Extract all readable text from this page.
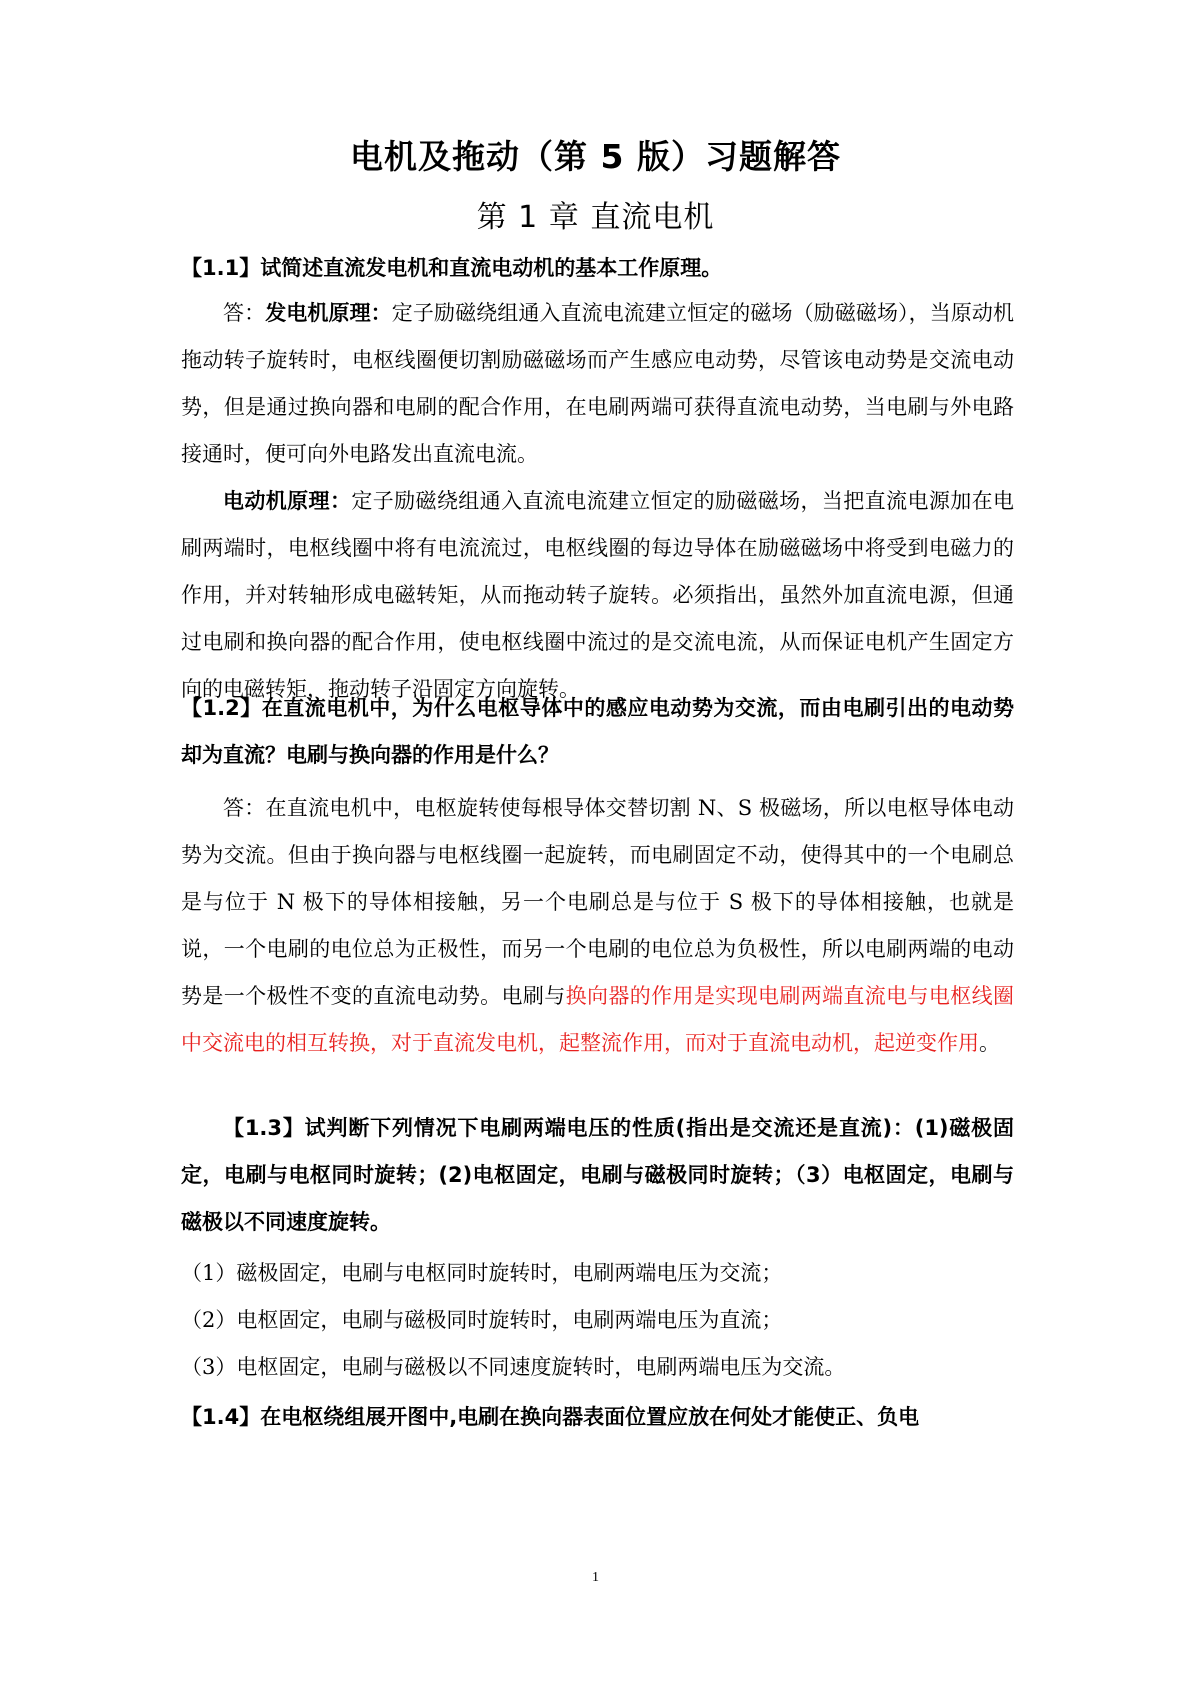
电机及拖动（第 5 版）习题解答
第 1 章 直流电机

【1.1】试简述直流发电机和直流电动机的基本工作原理。

答：发电机原理：定子励磁绕组通入直流电流建立恒定的磁场（励磁磁场），当原动机拖动转子旋转时，电枢线圈便切割励磁磁场而产生感应电动势，尽管该电动势是交流电动势，但是通过换向器和电刷的配合作用，在电刷两端可获得直流电动势，当电刷与外电路接通时，便可向外电路发出直流电流。

电动机原理：定子励磁绕组通入直流电流建立恒定的励磁磁场，当把直流电源加在电刷两端时，电枢线圈中将有电流流过，电枢线圈的每边导体在励磁磁场中将受到电磁力的作用，并对转轴形成电磁转矩，从而拖动转子旋转。必须指出，虽然外加直流电源，但通过电刷和换向器的配合作用，使电枢线圈中流过的是交流电流，从而保证电机产生固定方向的电磁转矩，拖动转子沿固定方向旋转。

【1.2】在直流电机中，为什么电枢导体中的感应电动势为交流，而由电刷引出的电动势却为直流？电刷与换向器的作用是什么？

答：在直流电机中，电枢旋转使每根导体交替切割 N、S 极磁场，所以电枢导体电动势为交流。但由于换向器与电枢线圈一起旋转，而电刷固定不动，使得其中的一个电刷总是与位于 N 极下的导体相接触，另一个电刷总是与位于 S 极下的导体相接触，也就是说，一个电刷的电位总为正极性，而另一个电刷的电位总为负极性，所以电刷两端的电动势是一个极性不变的直流电动势。电刷与换向器的作用是实现电刷两端直流电与电枢线圈中交流电的相互转换，对于直流发电机，起整流作用，而对于直流电动机，起逆变作用。

【1.3】试判断下列情况下电刷两端电压的性质(指出是交流还是直流)：(1)磁极固定，电刷与电枢同时旋转；(2)电枢固定，电刷与磁极同时旋转；（3）电枢固定，电刷与磁极以不同速度旋转。

（1）磁极固定，电刷与电枢同时旋转时，电刷两端电压为交流；

（2）电枢固定，电刷与磁极同时旋转时，电刷两端电压为直流；

（3）电枢固定，电刷与磁极以不同速度旋转时，电刷两端电压为交流。

【1.4】在电枢绕组展开图中,电刷在换向器表面位置应放在何处才能使正、负电

1
